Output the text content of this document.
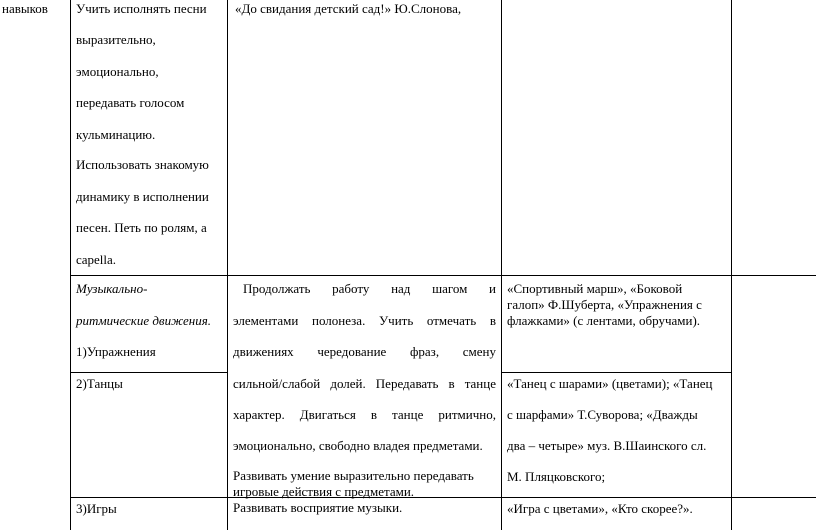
навыков Учить исполнять песни
выразительно,
эмоционально,
передавать голосом
кульминацию.
Использовать знакомую
динамику в исполнении
песен. Петь по ролям, а
capella.
Музыкально-
ритмические движения.
1)Упражнения
2)Танцы
3)Игры
«До свидания детский сад!» Ю.Слонова,
Продолжать работу над шагом и
элементами полонеза. Учить отмечать в
движениях чередование фраз, смену
сильной/слабой долей. Передавать в танце
характер. Двигаться в танце ритмично,
эмоционально, свободно владея предметами.
Развивать умение выразительно передавать
игровые действия с предметами.
Развивать восприятие музыки.
«Спортивный марш», «Боковой
галоп» Ф.Шуберта, «Упражнения с
флажками» (с лентами, обручами).
«Танец с шарами» (цветами); «Танец
с шарфами» Т.Суворова; «Дважды
два – четыре» муз. В.Шаинского сл.
М. Пляцковского;
«Игра с цветами», «Кто скорее?».
